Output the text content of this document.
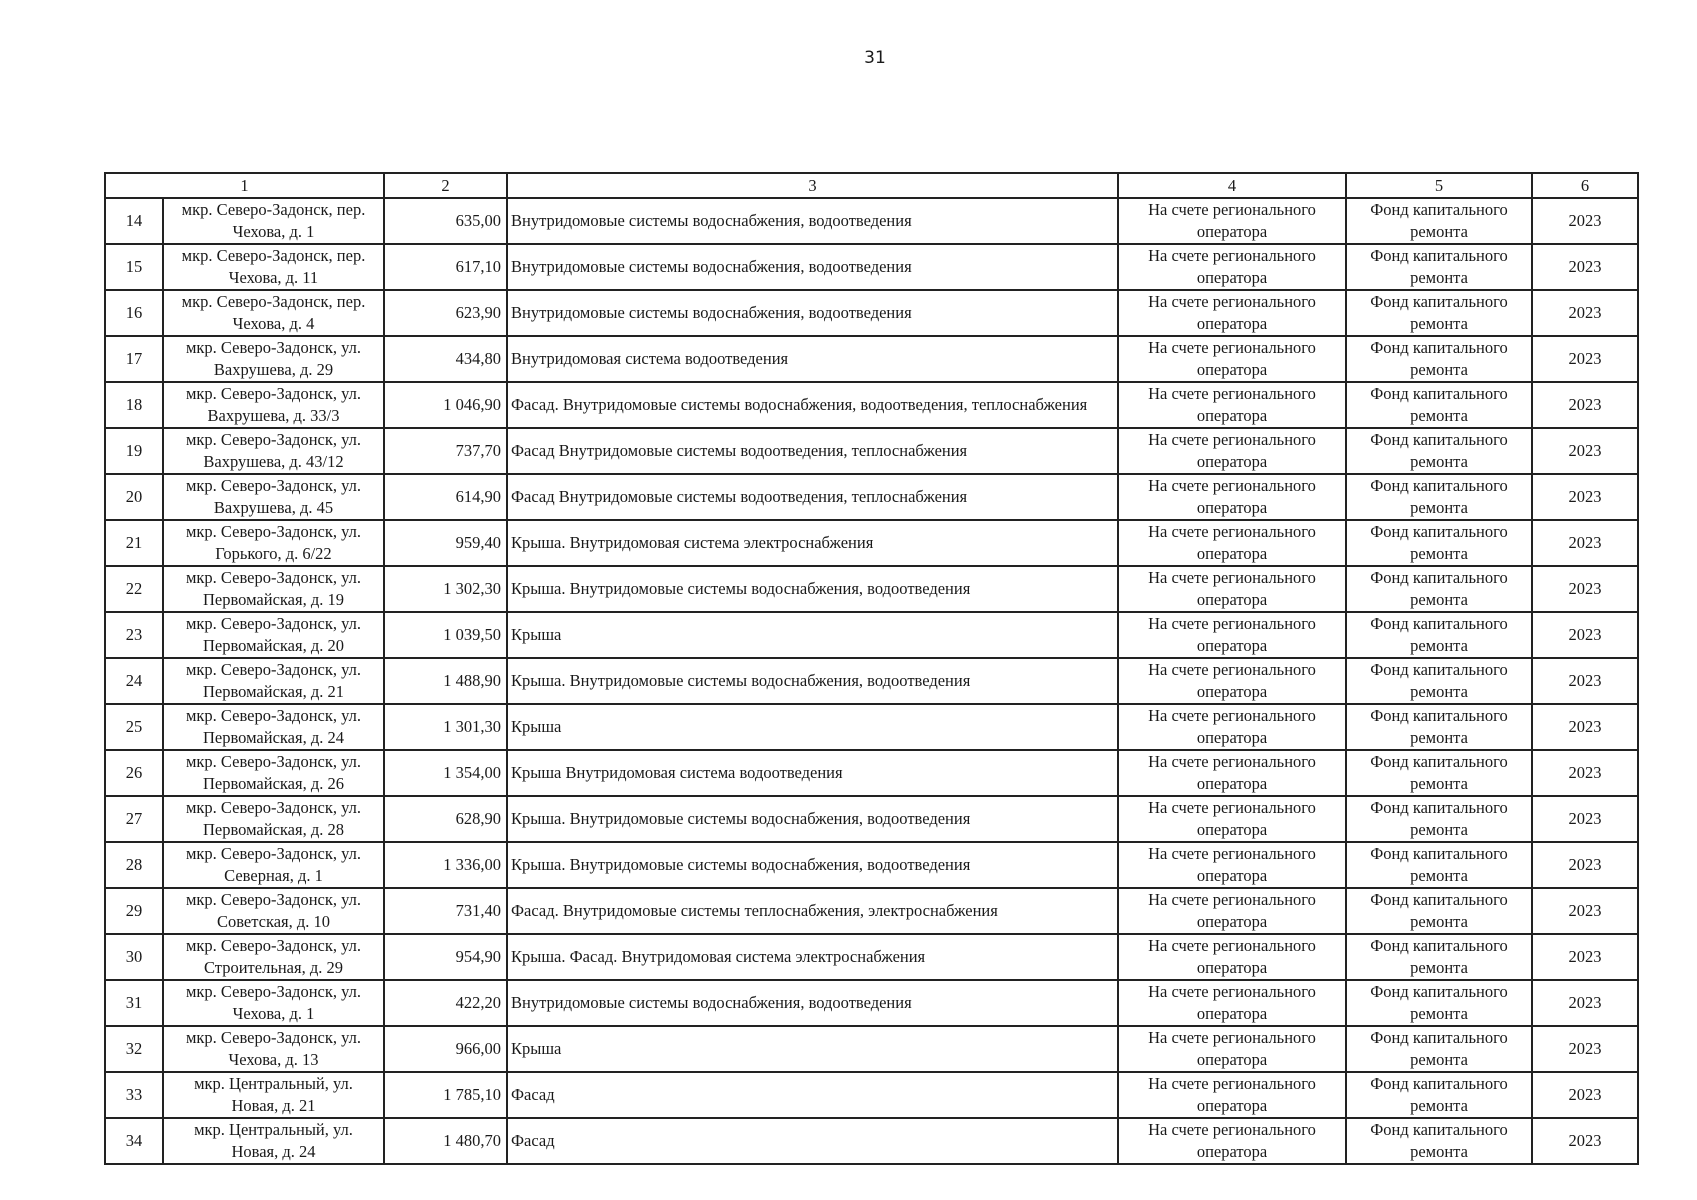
31
1		2	3	4	5	6
14	мкр. Северо-Задонск, пер. Чехова, д. 1	635,00	Внутридомовые системы водоснабжения, водоотведения	На счете регионального оператора	Фонд капитального ремонта	2023
15	мкр. Северо-Задонск, пер. Чехова, д. 11	617,10	Внутридомовые системы водоснабжения, водоотведения	На счете регионального оператора	Фонд капитального ремонта	2023
16	мкр. Северо-Задонск, пер. Чехова, д. 4	623,90	Внутридомовые системы водоснабжения, водоотведения	На счете регионального оператора	Фонд капитального ремонта	2023
17	мкр. Северо-Задонск, ул. Вахрушева, д. 29	434,80	Внутридомовая система водоотведения	На счете регионального оператора	Фонд капитального ремонта	2023
18	мкр. Северо-Задонск, ул. Вахрушева, д. 33/3	1 046,90	Фасад. Внутридомовые системы водоснабжения, водоотведения, теплоснабжения	На счете регионального оператора	Фонд капитального ремонта	2023
19	мкр. Северо-Задонск, ул. Вахрушева, д. 43/12	737,70	Фасад Внутридомовые системы водоотведения, теплоснабжения	На счете регионального оператора	Фонд капитального ремонта	2023
20	мкр. Северо-Задонск, ул. Вахрушева, д. 45	614,90	Фасад Внутридомовые системы водоотведения, теплоснабжения	На счете регионального оператора	Фонд капитального ремонта	2023
21	мкр. Северо-Задонск, ул. Горького, д. 6/22	959,40	Крыша. Внутридомовая система электроснабжения	На счете регионального оператора	Фонд капитального ремонта	2023
22	мкр. Северо-Задонск, ул. Первомайская, д. 19	1 302,30	Крыша. Внутридомовые системы водоснабжения, водоотведения	На счете регионального оператора	Фонд капитального ремонта	2023
23	мкр. Северо-Задонск, ул. Первомайская, д. 20	1 039,50	Крыша	На счете регионального оператора	Фонд капитального ремонта	2023
24	мкр. Северо-Задонск, ул. Первомайская, д. 21	1 488,90	Крыша. Внутридомовые системы водоснабжения, водоотведения	На счете регионального оператора	Фонд капитального ремонта	2023
25	мкр. Северо-Задонск, ул. Первомайская, д. 24	1 301,30	Крыша	На счете регионального оператора	Фонд капитального ремонта	2023
26	мкр. Северо-Задонск, ул. Первомайская, д. 26	1 354,00	Крыша Внутридомовая система водоотведения	На счете регионального оператора	Фонд капитального ремонта	2023
27	мкр. Северо-Задонск, ул. Первомайская, д. 28	628,90	Крыша. Внутридомовые системы водоснабжения, водоотведения	На счете регионального оператора	Фонд капитального ремонта	2023
28	мкр. Северо-Задонск, ул. Северная, д. 1	1 336,00	Крыша. Внутридомовые системы водоснабжения, водоотведения	На счете регионального оператора	Фонд капитального ремонта	2023
29	мкр. Северо-Задонск, ул. Советская, д. 10	731,40	Фасад. Внутридомовые системы теплоснабжения, электроснабжения	На счете регионального оператора	Фонд капитального ремонта	2023
30	мкр. Северо-Задонск, ул. Строительная, д. 29	954,90	Крыша. Фасад. Внутридомовая система электроснабжения	На счете регионального оператора	Фонд капитального ремонта	2023
31	мкр. Северо-Задонск, ул. Чехова, д. 1	422,20	Внутридомовые системы водоснабжения, водоотведения	На счете регионального оператора	Фонд капитального ремонта	2023
32	мкр. Северо-Задонск, ул. Чехова, д. 13	966,00	Крыша	На счете регионального оператора	Фонд капитального ремонта	2023
33	мкр. Центральный, ул. Новая, д. 21	1 785,10	Фасад	На счете регионального оператора	Фонд капитального ремонта	2023
34	мкр. Центральный, ул. Новая, д. 24	1 480,70	Фасад	На счете регионального оператора	Фонд капитального ремонта	2023
